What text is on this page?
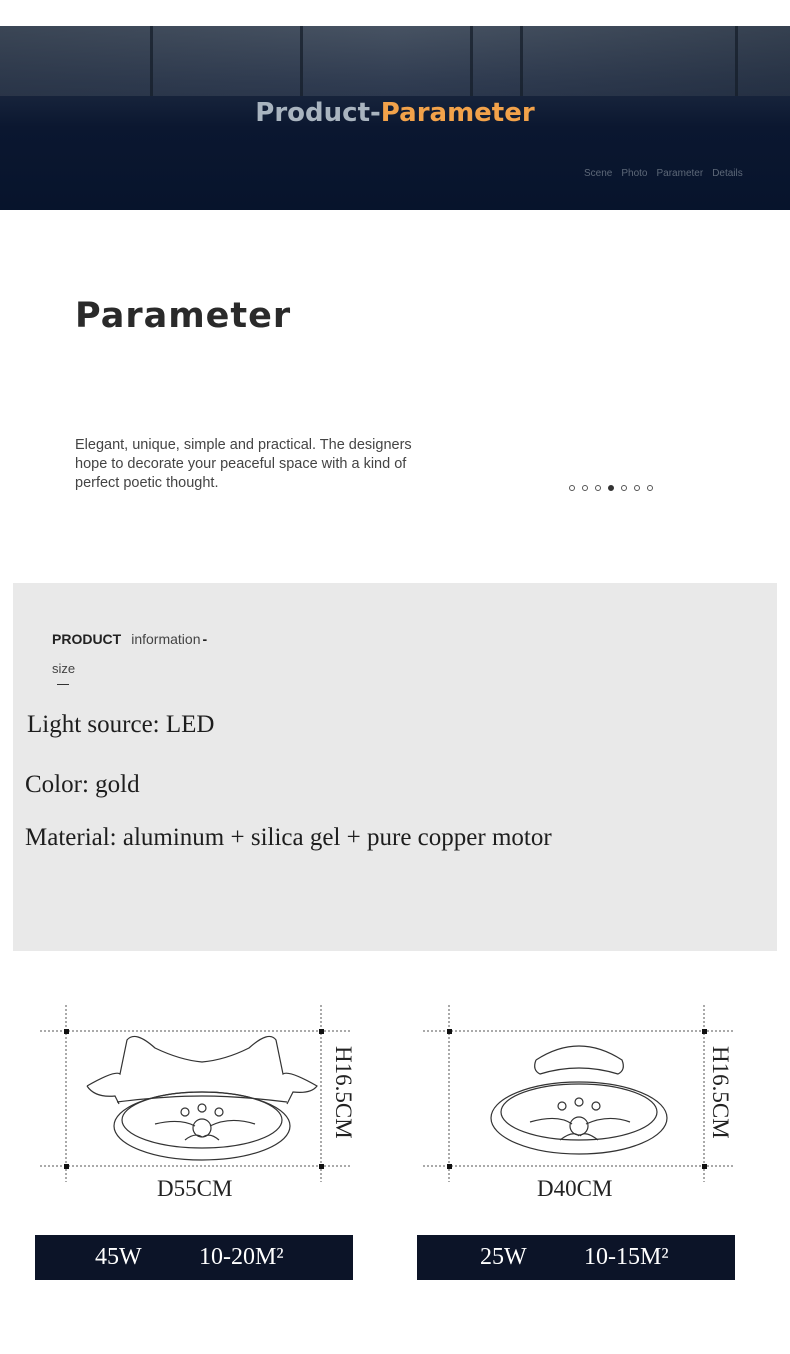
Product-Parameter
Scene Photo Parameter Details
Parameter
Elegant, unique, simple and practical. The designers
hope to decorate your peaceful space with a kind of
perfect poetic thought.
PRODUCT information -
size
Light source: LED
Color: gold
Material: aluminum + silica gel + pure copper motor
H16.5CM
D55CM
H16.5CM
D40CM
45W 10-20M²	25W 10-15M²
